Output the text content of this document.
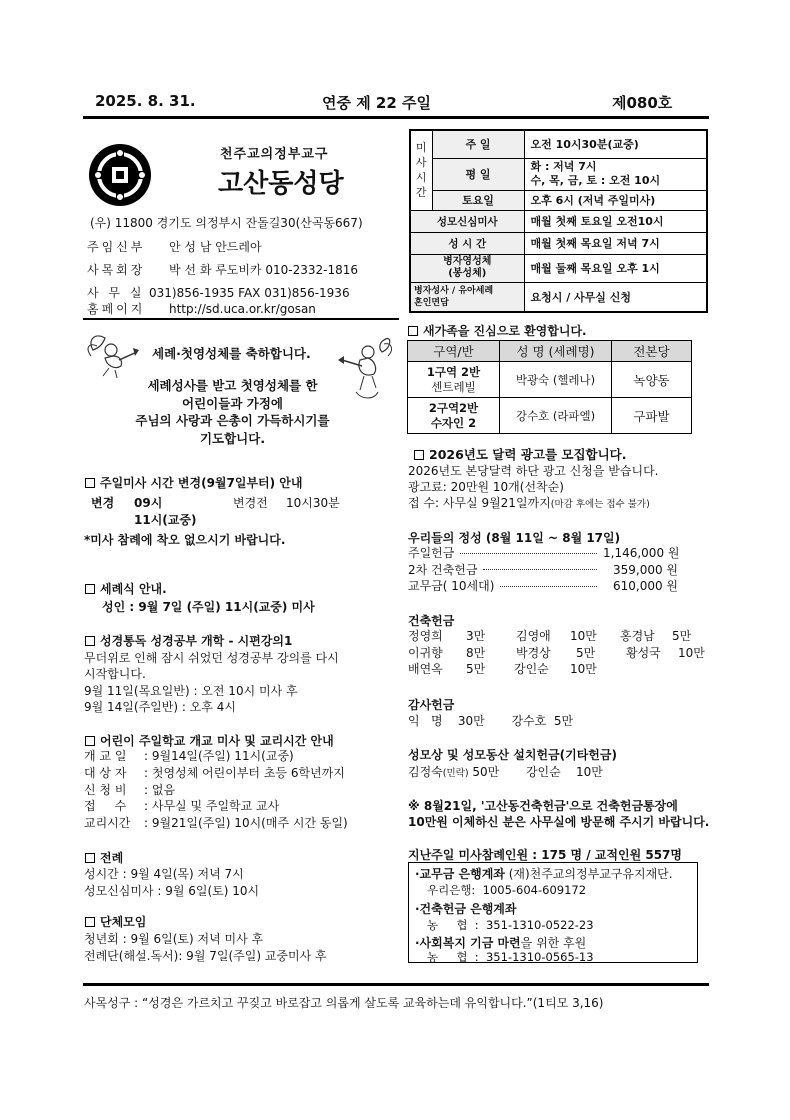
2025. 8. 31.	연중 제 22 주일	제080호
천주교의정부교구
고산동성당
(우) 11800 경기도 의정부시 잔돌길30(산곡동667)
주임신부 안 성 남 안드레아
사목회장 박 선 화 루도비카 010-2332-1816
사 무 실 031)856-1935 FAX 031)856-1936
홈페이지 http://sd.uca.or.kr/gosan
미
사
시
간	주 일	오전 10시30분(교중)
	평 일	화 : 저녁 7시
수, 목, 금, 토 : 오전 10시
	토요일	오후 6시 (저녁 주일미사)
성모신심미사		매월 첫째 토요일 오전10시
성 시 간		매월 첫째 목요일 저녁 7시
병자영성체
(봉성체)		매월 둘째 목요일 오후 1시
병자성사 / 유아세례
혼인면담		요청시 / 사무실 신청
세례·첫영성체를 축하합니다.
세례성사를 받고 첫영성체를 한
어린이들과 가정에
주님의 사랑과 은총이 가득하시기를
기도합니다.
새가족을 진심으로 환영합니다.
구역/반	성 명 (세례명)	전본당
1구역 2반
센트레빌	박광숙 (헬레나)	녹양동
2구역2반
수자인 2	강수호 (라파엘)	구파발
주일미사 시간 변경(9월7일부터) 안내
변경 09시	변경전 10시30분
11시(교중)
*미사 참례에 착오 없으시기 바랍니다.
세례식 안내.
성인 : 9월 7일 (주일) 11시(교중) 미사
성경통독 성경공부 개학 - 시편강의1
무더위로 인해 잠시 쉬었던 성경공부 강의를 다시
시작합니다.
9월 11일(목요일반) : 오전 10시 미사 후
9월 14일(주일반) : 오후 4시
어린이 주일학교 개교 미사 및 교리시간 안내
개 교 일 : 9월14일(주일) 11시(교중)
대 상 자 : 첫영성체 어린이부터 초등 6학년까지
신 청 비 : 없음
접     수 : 사무실 및 주일학교 교사
교리시간 : 9월21일(주일) 10시(매주 시간 동일)
전례
성시간 : 9월 4일(목) 저녁 7시
성모신심미사 : 9월 6일(토) 10시
단체모임
청년회 : 9월 6일(토) 저녁 미사 후
전례단(해설.독서): 9월 7일(주일) 교중미사 후
2026년도 달력 광고를 모집합니다.
2026년도 본당달력 하단 광고 신청을 받습니다.
광고료: 20만원 10개(선착순)
접 수: 사무실 9월21일까지(마감 후에는 접수 불가)
우리들의 정성 (8월 11일 ~ 8월 17일)
주일헌금	1,146,000 원
2차 건축헌금	359,000 원
교무금( 10세대)	610,000 원
건축헌금
정영희 3만	김영애 10만 홍경남 5만
이귀향 8만	박경상 5만	황성국 10만
배연옥 5만 강인순 10만
감사헌금
익   명    30만       강수호  5만
성모상 및 성모동산 설치헌금(기타헌금)
김정숙(민락) 50만       강인순    10만
※ 8월21일, '고산동건축헌금'으로 건축헌금통장에
10만원 이체하신 분은 사무실에 방문해 주시기 바랍니다.
지난주일 미사참례인원 : 175 명 / 교적인원 557명
·교무금 은행계좌 (재)천주교의정부교구유지재단.
우리은행:  1005-604-609172
·건축헌금 은행계좌
농     협  :  351-1310-0522-23
·사회복지 기금 마련을 위한 후원
농     협  :  351-1310-0565-13
사목성구 : “성경은 가르치고 꾸짖고 바로잡고 의롭게 살도록 교육하는데 유익합니다.”(1티모 3,16)
